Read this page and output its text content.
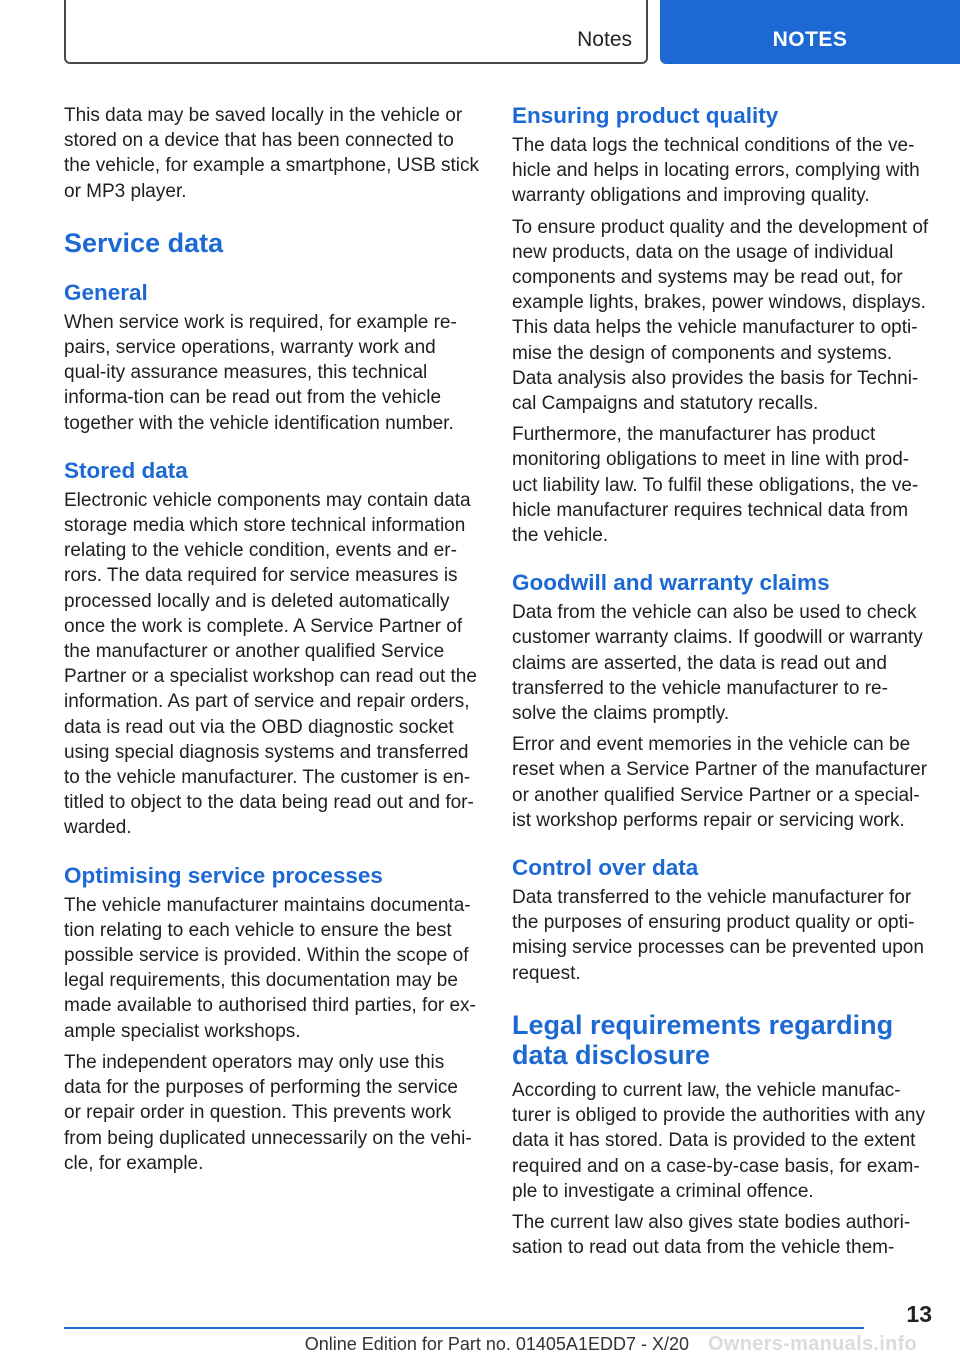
Notes	NOTES

This data may be saved locally in the vehicle or stored on a device that has been connected to the vehicle, for example a smartphone, USB stick or MP3 player.

Service data
General

When service work is required, for example re-pairs, service operations, warranty work and qual-ity assurance measures, this technical informa-tion can be read out from the vehicle together with the vehicle identification number.

Stored data

Electronic vehicle components may contain data storage media which store technical information relating to the vehicle condition, events and er-rors. The data required for service measures is processed locally and is deleted automatically once the work is complete. A Service Partner of the manufacturer or another qualified Service Partner or a specialist workshop can read out the information. As part of service and repair orders, data is read out via the OBD diagnostic socket using special diagnosis systems and transferred to the vehicle manufacturer. The customer is en-titled to object to the data being read out and for-warded.

Optimising service processes

The vehicle manufacturer maintains documenta-tion relating to each vehicle to ensure the best possible service is provided. Within the scope of legal requirements, this documentation may be made available to authorised third parties, for ex-ample specialist workshops.

The independent operators may only use this data for the purposes of performing the service or repair order in question. This prevents work from being duplicated unnecessarily on the vehi-cle, for example.

Ensuring product quality

The data logs the technical conditions of the ve-hicle and helps in locating errors, complying with warranty obligations and improving quality.

To ensure product quality and the development of new products, data on the usage of individual components and systems may be read out, for example lights, brakes, power windows, displays. This data helps the vehicle manufacturer to opti-mise the design of components and systems. Data analysis also provides the basis for Techni-cal Campaigns and statutory recalls.

Furthermore, the manufacturer has product monitoring obligations to meet in line with prod-uct liability law. To fulfil these obligations, the ve-hicle manufacturer requires technical data from the vehicle.

Goodwill and warranty claims

Data from the vehicle can also be used to check customer warranty claims. If goodwill or warranty claims are asserted, the data is read out and transferred to the vehicle manufacturer to re-solve the claims promptly.

Error and event memories in the vehicle can be reset when a Service Partner of the manufacturer or another qualified Service Partner or a special-ist workshop performs repair or servicing work.

Control over data

Data transferred to the vehicle manufacturer for the purposes of ensuring product quality or opti-mising service processes can be prevented upon request.

Legal requirements regarding data disclosure

According to current law, the vehicle manufac-turer is obliged to provide the authorities with any data it has stored. Data is provided to the extent required and on a case-by-case basis, for exam-ple to investigate a criminal offence.

The current law also gives state bodies authori-sation to read out data from the vehicle them-

13
Owners-manuals.info
Online Edition for Part no. 01405A1EDD7 - X/20
